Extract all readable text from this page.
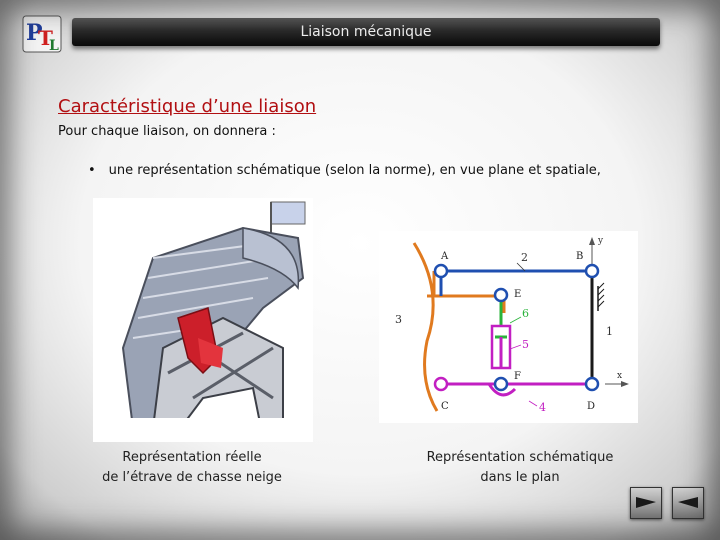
P
T
L
Liaison mécanique
Caractéristique d’une liaison
Pour chaque liaison, on donnera :
• une représentation schématique (selon la norme), en vue plane et spatiale,
y
x
3
2
1
4
6
5
A	B
E
F
C	D
Représentation réelle
de l’étrave de chasse neige
Représentation schématique
dans le plan
